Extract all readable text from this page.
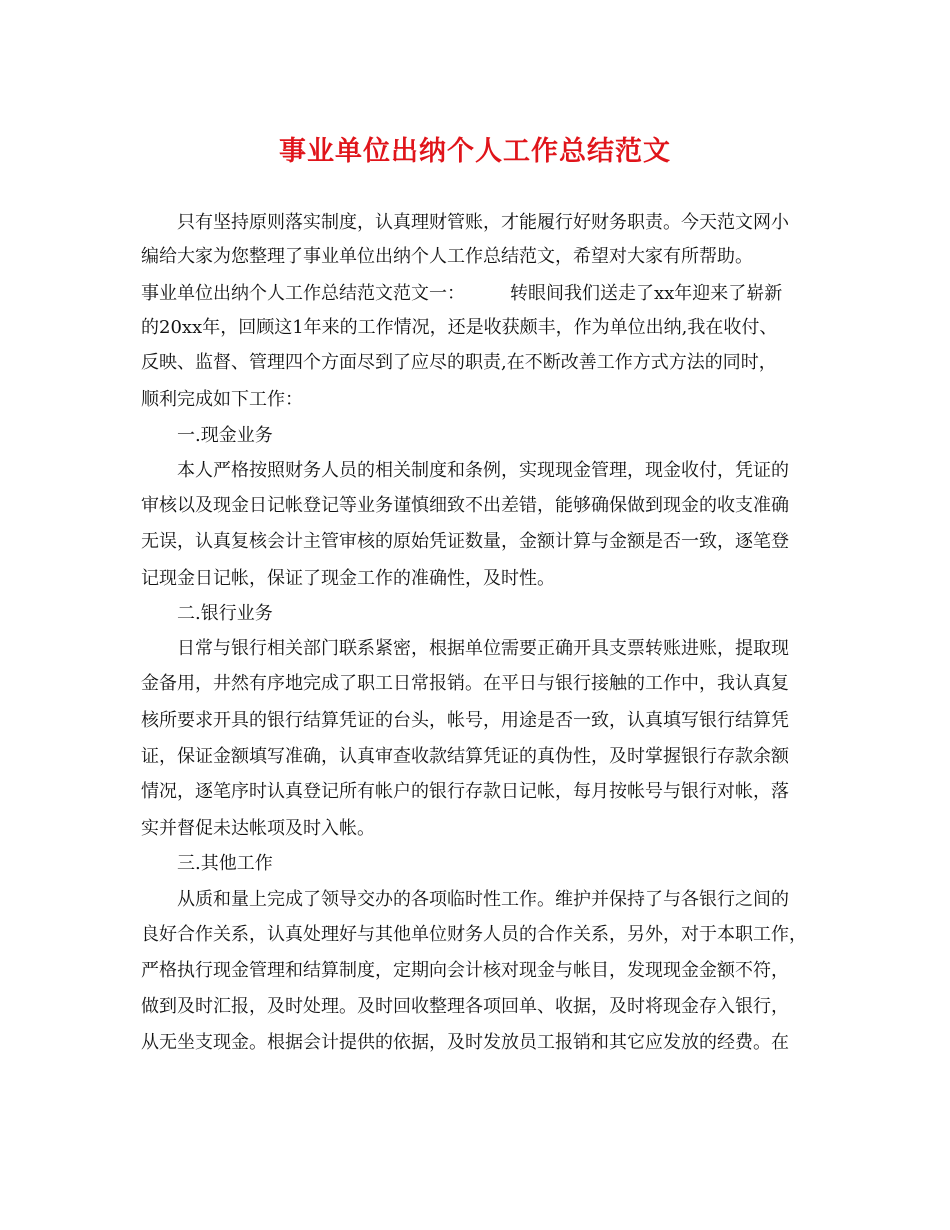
事业单位出纳个人工作总结范文

只有坚持原则落实制度，认真理财管账，才能履行好财务职责。今天范文网小

编给大家为您整理了事业单位出纳个人工作总结范文，希望对大家有所帮助。

事业单位出纳个人工作总结范文范文一：　　　转眼间我们送走了xx年迎来了崭新

的20xx年，回顾这1年来的工作情况，还是收获颇丰，作为单位出纳,我在收付、

反映、监督、管理四个方面尽到了应尽的职责,在不断改善工作方式方法的同时，

顺利完成如下工作：

一.现金业务

本人严格按照财务人员的相关制度和条例，实现现金管理，现金收付，凭证的

审核以及现金日记帐登记等业务谨慎细致不出差错，能够确保做到现金的收支准确

无误，认真复核会计主管审核的原始凭证数量，金额计算与金额是否一致，逐笔登

记现金日记帐，保证了现金工作的准确性，及时性。

二.银行业务

日常与银行相关部门联系紧密，根据单位需要正确开具支票转账进账，提取现

金备用，井然有序地完成了职工日常报销。在平日与银行接触的工作中，我认真复

核所要求开具的银行结算凭证的台头，帐号，用途是否一致，认真填写银行结算凭

证，保证金额填写准确，认真审查收款结算凭证的真伪性，及时掌握银行存款余额

情况，逐笔序时认真登记所有帐户的银行存款日记帐，每月按帐号与银行对帐，落

实并督促未达帐项及时入帐。

三.其他工作

从质和量上完成了领导交办的各项临时性工作。维护并保持了与各银行之间的

良好合作关系，认真处理好与其他单位财务人员的合作关系，另外，对于本职工作，

严格执行现金管理和结算制度，定期向会计核对现金与帐目，发现现金金额不符，

做到及时汇报，及时处理。及时回收整理各项回单、收据，及时将现金存入银行，

从无坐支现金。根据会计提供的依据，及时发放员工报销和其它应发放的经费。在
